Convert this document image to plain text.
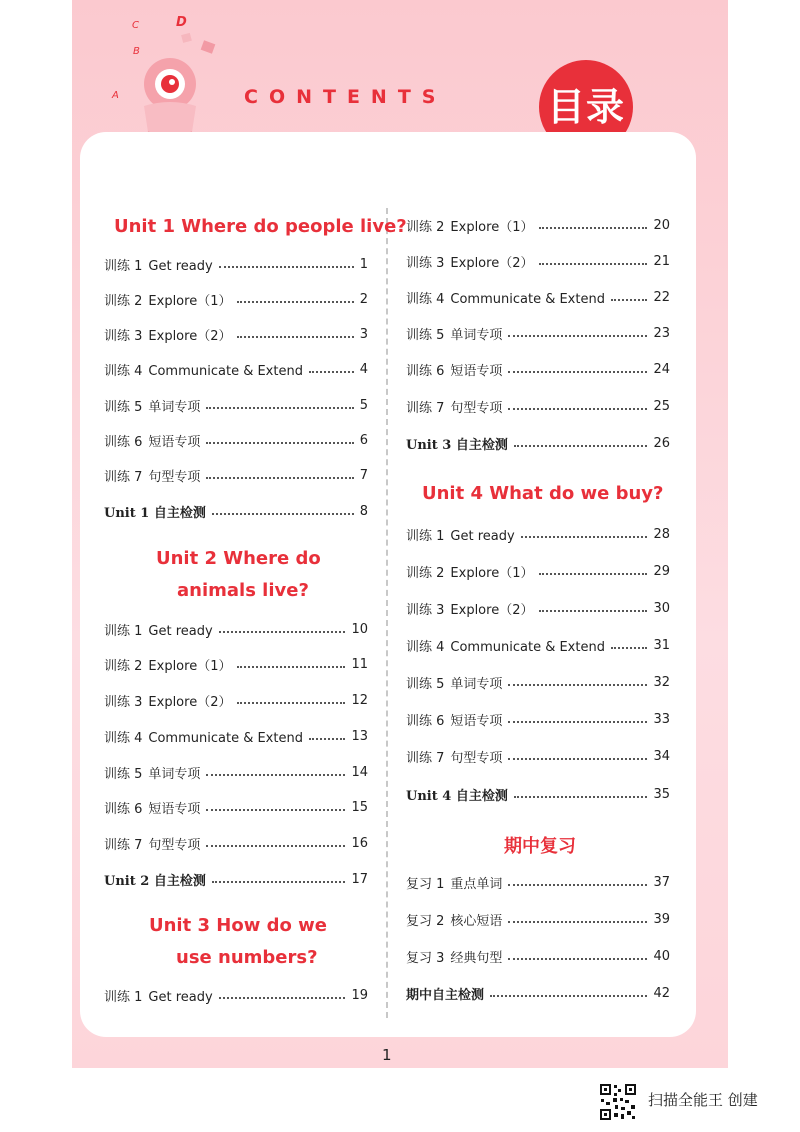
C	D
B
A	CONTENTS	目录
Unit 1 Where do people live?
训练 1 Get ready	1
训练 2 Explore（1）	2
训练 3 Explore（2）	3
训练 4 Communicate & Extend	4
训练 5 单词专项	5
训练 6 短语专项	6
训练 7 句型专项	7
Unit 1 自主检测	8
Unit 2 Where do
animals live?
训练 1 Get ready	10
训练 2 Explore（1）	11
训练 3 Explore（2）	12
训练 4 Communicate & Extend	13
训练 5 单词专项	14
训练 6 短语专项	15
训练 7 句型专项	16
Unit 2 自主检测	17
Unit 3 How do we
use numbers?
训练 1 Get ready	19
训练 2 Explore（1）	20
训练 3 Explore（2）	21
训练 4 Communicate & Extend	22
训练 5 单词专项	23
训练 6 短语专项	24
训练 7 句型专项	25
Unit 3 自主检测	26
Unit 4 What do we buy?
训练 1 Get ready	28
训练 2 Explore（1）	29
训练 3 Explore（2）	30
训练 4 Communicate & Extend	31
训练 5 单词专项	32
训练 6 短语专项	33
训练 7 句型专项	34
Unit 4 自主检测	35
期中复习
复习 1 重点单词	37
复习 2 核心短语	39
复习 3 经典句型	40
期中自主检测	42
1
扫描全能王 创建
